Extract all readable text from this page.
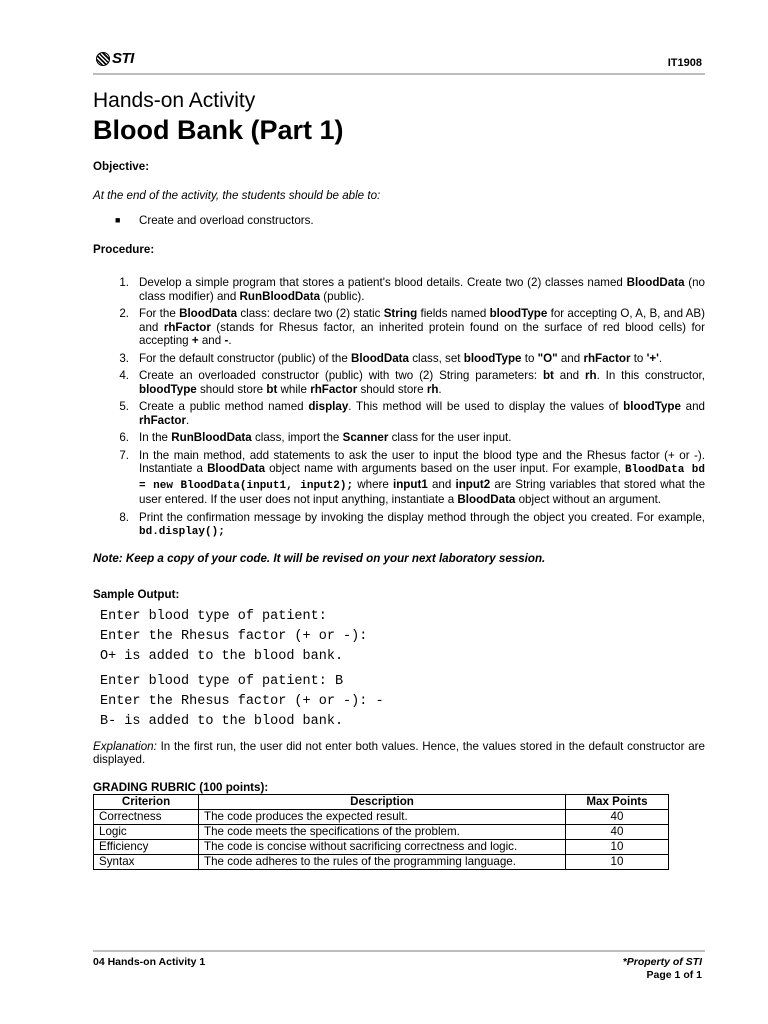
STI	IT1908
Hands-on Activity
Blood Bank (Part 1)

Objective:

At the end of the activity, the students should be able to:

■	Create and overload constructors.

Procedure:

1. Develop a simple program that stores a patient's blood details. Create two (2) classes named BloodData (no class modifier) and RunBloodData (public).
2. For the BloodData class: declare two (2) static String fields named bloodType for accepting O, A, B, and AB) and rhFactor (stands for Rhesus factor, an inherited protein found on the surface of red blood cells) for accepting + and -.
3. For the default constructor (public) of the BloodData class, set bloodType to "O" and rhFactor to '+'.
4. Create an overloaded constructor (public) with two (2) String parameters: bt and rh. In this constructor, bloodType should store bt while rhFactor should store rh.
5. Create a public method named display. This method will be used to display the values of bloodType and rhFactor.
6. In the RunBloodData class, import the Scanner class for the user input.
7. In the main method, add statements to ask the user to input the blood type and the Rhesus factor (+ or -). Instantiate a BloodData object name with arguments based on the user input. For example, BloodData bd = new BloodData(input1, input2); where input1 and input2 are String variables that stored what the user entered. If the user does not input anything, instantiate a BloodData object without an argument.
8. Print the confirmation message by invoking the display method through the object you created. For example, bd.display();

Note: Keep a copy of your code. It will be revised on your next laboratory session.

Sample Output:

Enter blood type of patient:
Enter the Rhesus factor (+ or -):
O+ is added to the blood bank.
Enter blood type of patient: B
Enter the Rhesus factor (+ or -): -
B- is added to the blood bank.

Explanation: In the first run, the user did not enter both values. Hence, the values stored in the default constructor are displayed.

GRADING RUBRIC (100 points):

Criterion	Description	Max Points
Correctness	The code produces the expected result.	40
Logic	The code meets the specifications of the problem.	40
Efficiency	The code is concise without sacrificing correctness and logic.	10
Syntax	The code adheres to the rules of the programming language.	10
04 Hands-on Activity 1	*Property of STI
Page 1 of 1
